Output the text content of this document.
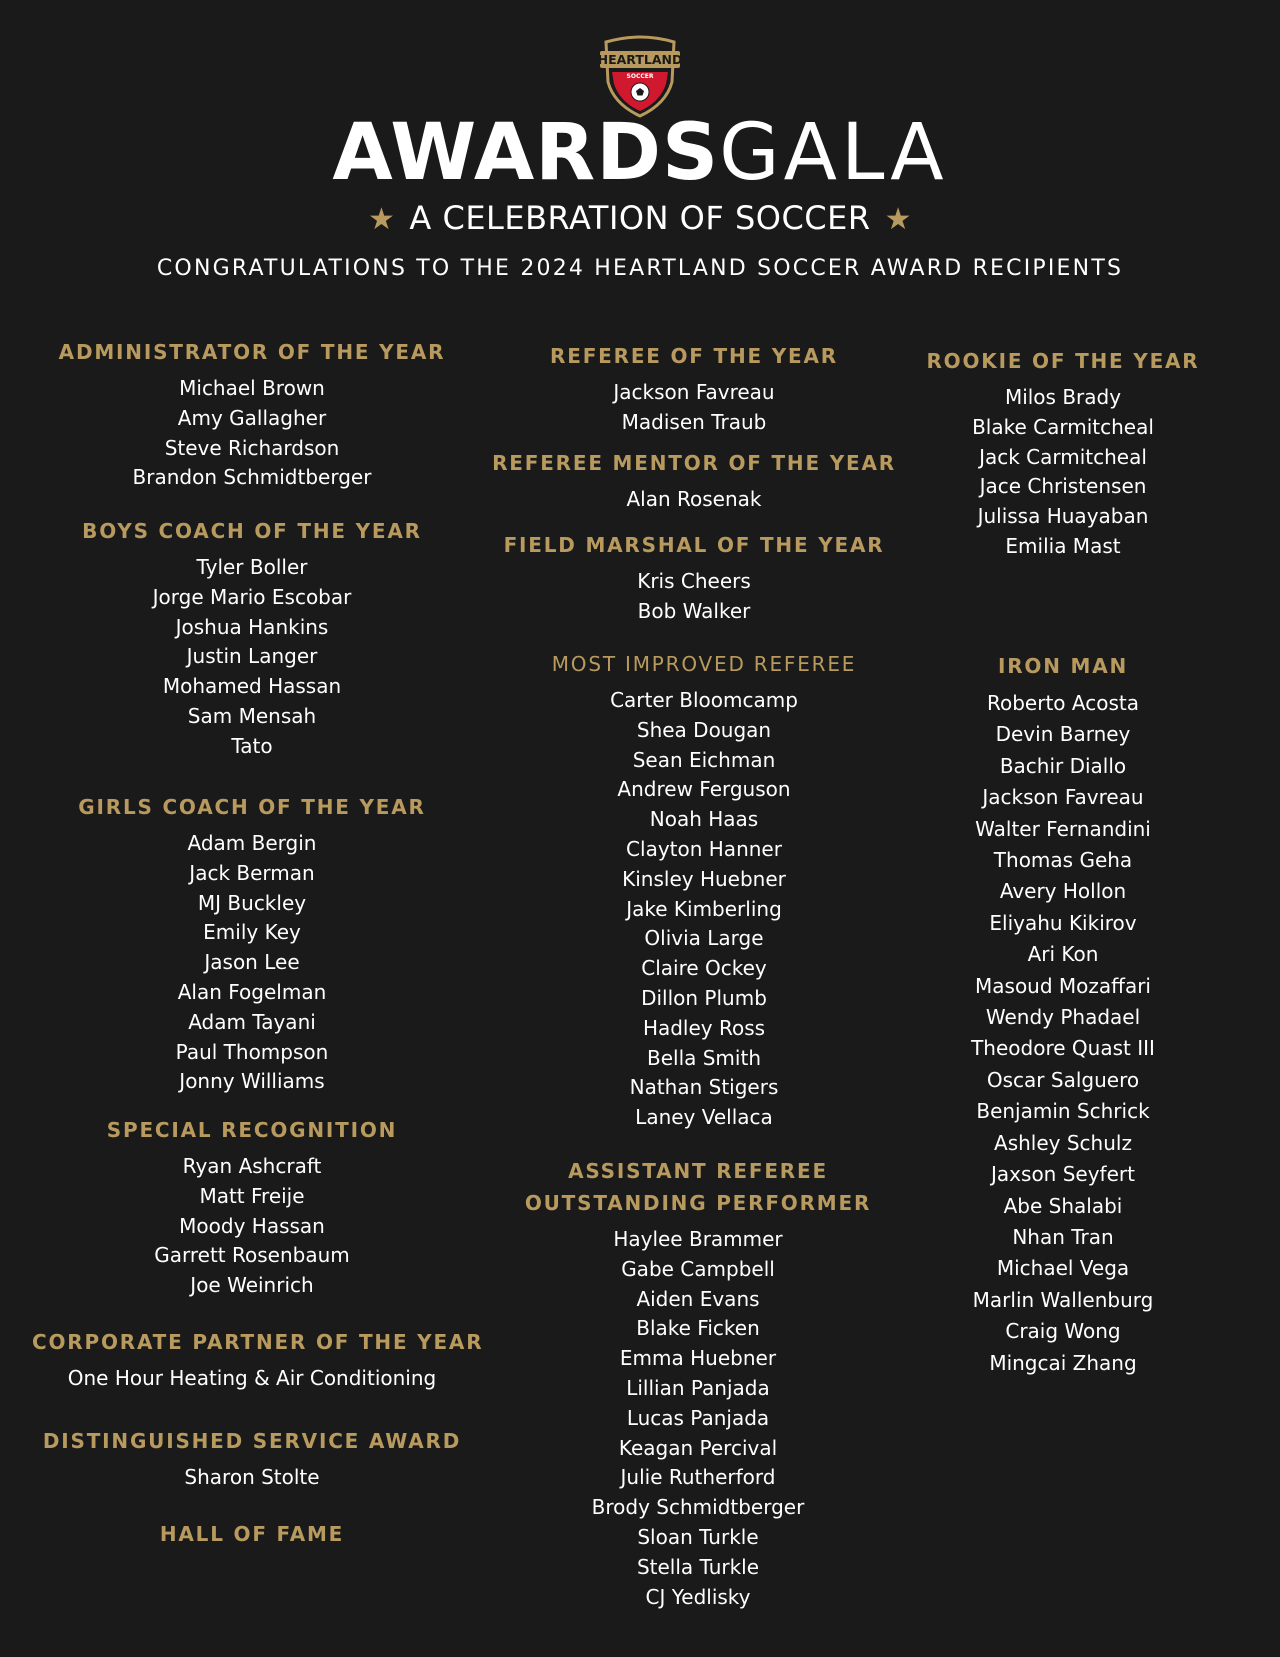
HEARTLAND
SOCCER
AWARDSGALA
★ A CELEBRATION OF SOCCER ★
CONGRATULATIONS TO THE 2024 HEARTLAND SOCCER AWARD RECIPIENTS
ADMINISTRATOR OF THE YEAR
Michael Brown
Amy Gallagher
Steve Richardson
Brandon Schmidtberger
BOYS COACH OF THE YEAR
Tyler Boller
Jorge Mario Escobar
Joshua Hankins
Justin Langer
Mohamed Hassan
Sam Mensah
Tato
GIRLS COACH OF THE YEAR
Adam Bergin
Jack Berman
MJ Buckley
Emily Key
Jason Lee
Alan Fogelman
Adam Tayani
Paul Thompson
Jonny Williams
SPECIAL RECOGNITION
Ryan Ashcraft
Matt Freije
Moody Hassan
Garrett Rosenbaum
Joe Weinrich
CORPORATE PARTNER OF THE YEAR
One Hour Heating & Air Conditioning
DISTINGUISHED SERVICE AWARD
Sharon Stolte
HALL OF FAME
REFEREE OF THE YEAR
Jackson Favreau
Madisen Traub
REFEREE MENTOR OF THE YEAR
Alan Rosenak
FIELD MARSHAL OF THE YEAR
Kris Cheers
Bob Walker
MOST IMPROVED REFEREE
Carter Bloomcamp
Shea Dougan
Sean Eichman
Andrew Ferguson
Noah Haas
Clayton Hanner
Kinsley Huebner
Jake Kimberling
Olivia Large
Claire Ockey
Dillon Plumb
Hadley Ross
Bella Smith
Nathan Stigers
Laney Vellaca
ASSISTANT REFEREE
OUTSTANDING PERFORMER
Haylee Brammer
Gabe Campbell
Aiden Evans
Blake Ficken
Emma Huebner
Lillian Panjada
Lucas Panjada
Keagan Percival
Julie Rutherford
Brody Schmidtberger
Sloan Turkle
Stella Turkle
CJ Yedlisky
ROOKIE OF THE YEAR
Milos Brady
Blake Carmitcheal
Jack Carmitcheal
Jace Christensen
Julissa Huayaban
Emilia Mast
IRON MAN
Roberto Acosta
Devin Barney
Bachir Diallo
Jackson Favreau
Walter Fernandini
Thomas Geha
Avery Hollon
Eliyahu Kikirov
Ari Kon
Masoud Mozaffari
Wendy Phadael
Theodore Quast III
Oscar Salguero
Benjamin Schrick
Ashley Schulz
Jaxson Seyfert
Abe Shalabi
Nhan Tran
Michael Vega
Marlin Wallenburg
Craig Wong
Mingcai Zhang
